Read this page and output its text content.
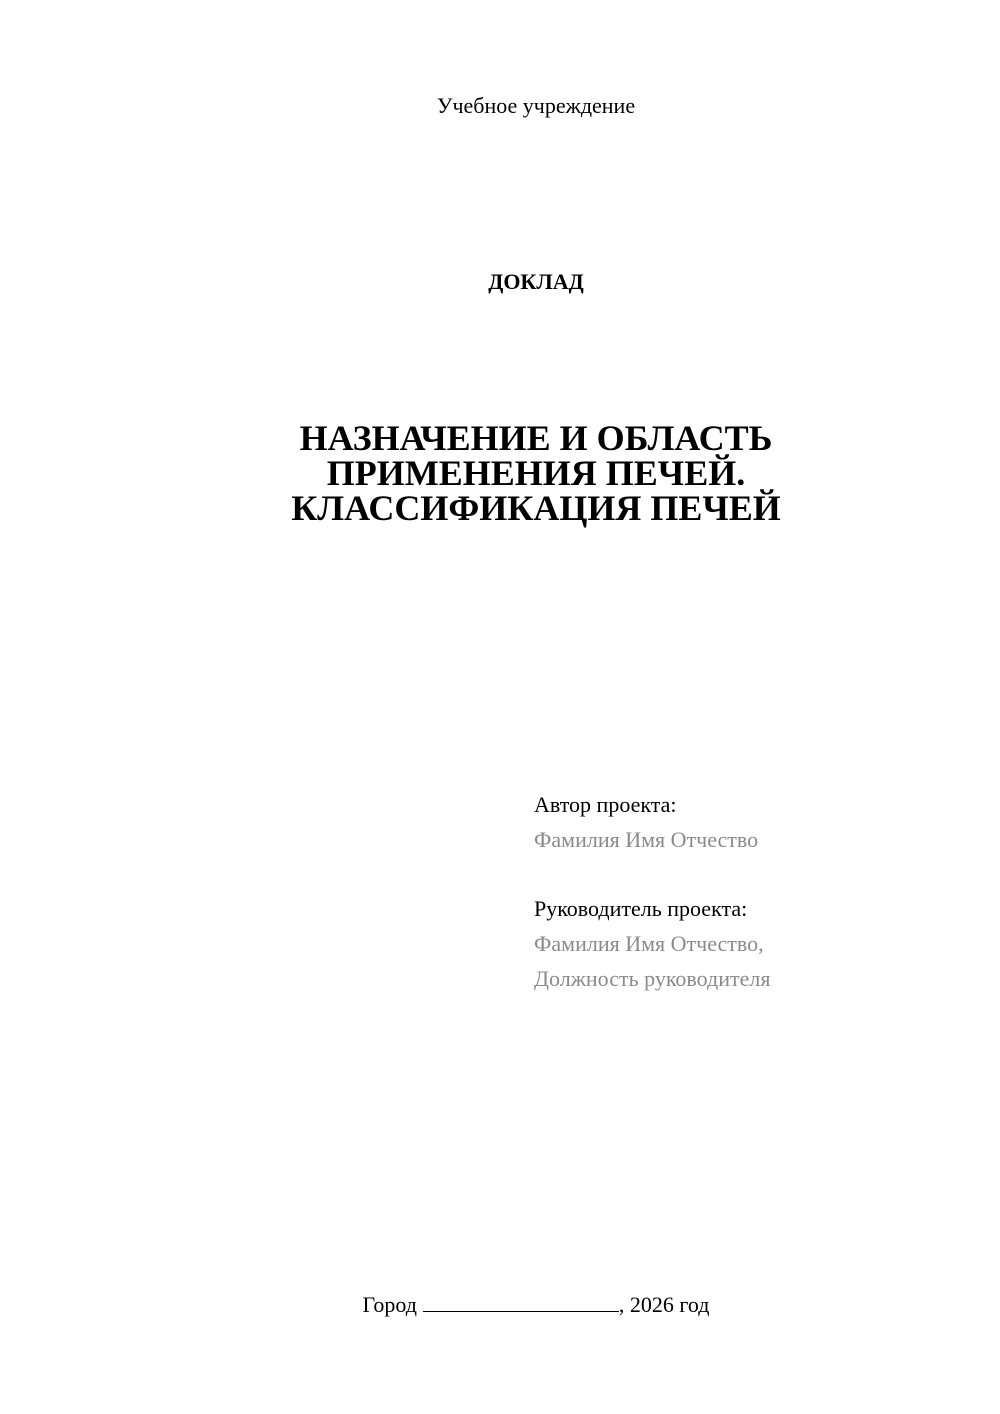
Учебное учреждение

ДОКЛАД

НАЗНАЧЕНИЕ И ОБЛАСТЬ
ПРИМЕНЕНИЯ ПЕЧЕЙ.
КЛАССИФИКАЦИЯ ПЕЧЕЙ
Автор проекта:
Фамилия Имя Отчество
Руководитель проекта:
Фамилия Имя Отчество,
Должность руководителя

Город	, 2026 год
